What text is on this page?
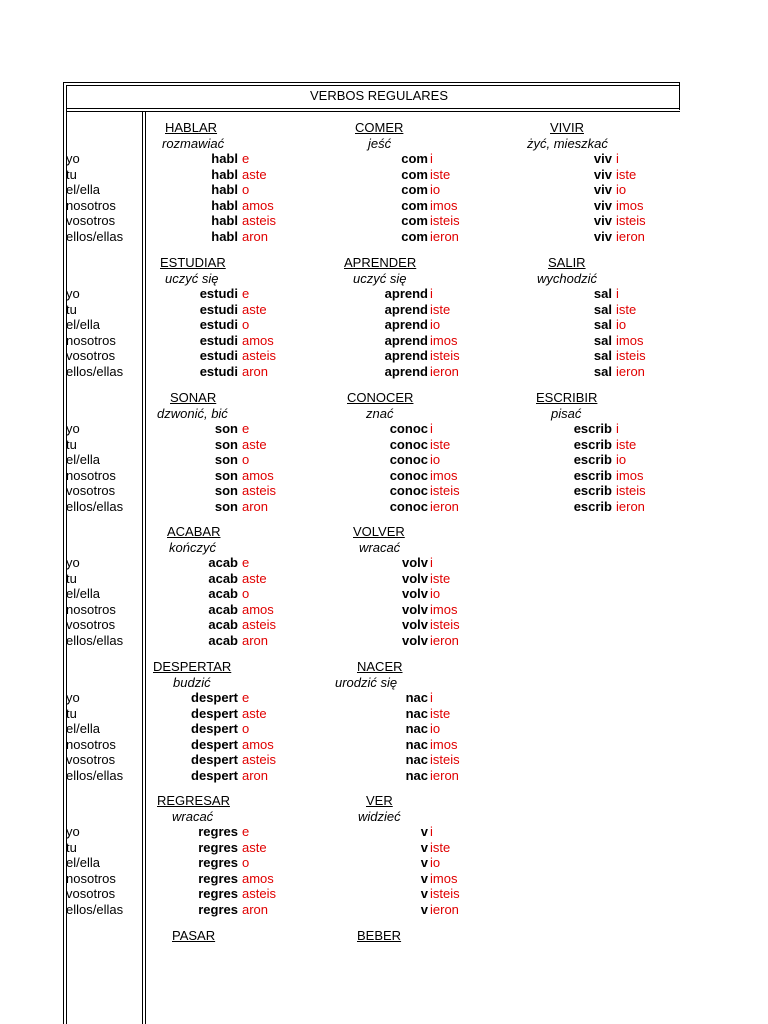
VERBOS REGULARES
yo
tu
el/ella
nosotros
vosotros
ellos/ellas
HABLAR
rozmawiać
habl e
habl aste
habl o
habl amos
habl asteis
habl aron
COMER
jeść
com i
com iste
com io
com imos
com isteis
com ieron
VIVIR
żyć, mieszkać
viv i
viv iste
viv io
viv imos
viv isteis
viv ieron
yo
tu
el/ella
nosotros
vosotros
ellos/ellas
ESTUDIAR
uczyć się
estudi e
estudi aste
estudi o
estudi amos
estudi asteis
estudi aron
APRENDER
uczyć się
aprend i
aprend iste
aprend io
aprend imos
aprend isteis
aprend ieron
SALIR
wychodzić
sal i
sal iste
sal io
sal imos
sal isteis
sal ieron
yo
tu
el/ella
nosotros
vosotros
ellos/ellas
SONAR
dzwonić, bić
son e
son aste
son o
son amos
son asteis
son aron
CONOCER
znać
conoc i
conoc iste
conoc io
conoc imos
conoc isteis
conoc ieron
ESCRIBIR
pisać
escrib i
escrib iste
escrib io
escrib imos
escrib isteis
escrib ieron
yo
tu
el/ella
nosotros
vosotros
ellos/ellas
ACABAR
kończyć
acab e
acab aste
acab o
acab amos
acab asteis
acab aron
VOLVER
wracać
volv i
volv iste
volv io
volv imos
volv isteis
volv ieron
yo
tu
el/ella
nosotros
vosotros
ellos/ellas
DESPERTAR
budzić
despert e
despert aste
despert o
despert amos
despert asteis
despert aron
NACER
urodzić się
nac i
nac iste
nac io
nac imos
nac isteis
nac ieron
yo
tu
el/ella
nosotros
vosotros
ellos/ellas
REGRESAR
wracać
regres e
regres aste
regres o
regres amos
regres asteis
regres aron
VER
widzieć
v i
v iste
v io
v imos
v isteis
v ieron
PASAR	BEBER
